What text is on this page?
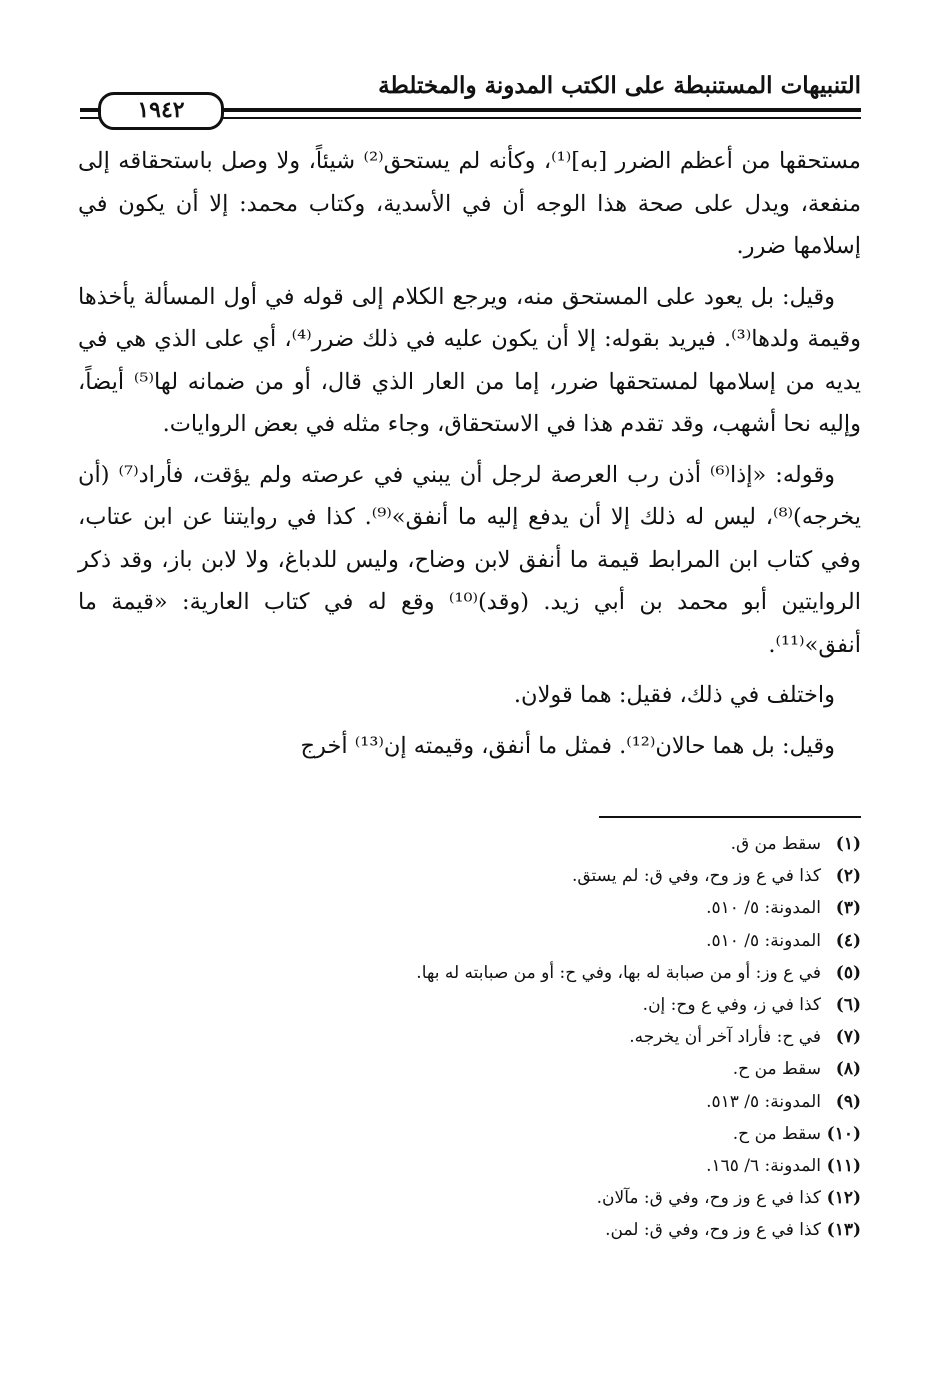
التنبيهات المستنبطة على الكتب المدونة والمختلطة
١٩٤٢

مستحقها من أعظم الضرر [به]⁽¹⁾، وكأنه لم يستحق⁽²⁾ شيئاً، ولا وصل باستحقاقه إلى منفعة، ويدل على صحة هذا الوجه أن في الأسدية، وكتاب محمد: إلا أن يكون في إسلامها ضرر.

وقيل: بل يعود على المستحق منه، ويرجع الكلام إلى قوله في أول المسألة يأخذها وقيمة ولدها⁽³⁾. فيريد بقوله: إلا أن يكون عليه في ذلك ضرر⁽⁴⁾، أي على الذي هي في يديه من إسلامها لمستحقها ضرر، إما من العار الذي قال، أو من ضمانه لها⁽⁵⁾ أيضاً، وإليه نحا أشهب، وقد تقدم هذا في الاستحقاق، وجاء مثله في بعض الروايات.

وقوله: «إذا⁽⁶⁾ أذن رب العرصة لرجل أن يبني في عرصته ولم يؤقت، فأراد⁽⁷⁾ (أن يخرجه)⁽⁸⁾، ليس له ذلك إلا أن يدفع إليه ما أنفق»⁽⁹⁾. كذا في روايتنا عن ابن عتاب، وفي كتاب ابن المرابط قيمة ما أنفق لابن وضاح، وليس للدباغ، ولا لابن باز، وقد ذكر الروايتين أبو محمد بن أبي زيد. (وقد)⁽¹⁰⁾ وقع له في كتاب العارية: «قيمة ما أنفق»⁽¹¹⁾.

واختلف في ذلك، فقيل: هما قولان.

وقيل: بل هما حالان⁽¹²⁾. فمثل ما أنفق، وقيمته إن⁽¹³⁾ أخرج

(١)سقط من ق.
(٢)كذا في ع وز وح، وفي ق: لم يستق.
(٣)المدونة: ٥/ ٥١٠.
(٤)المدونة: ٥/ ٥١٠.
(٥)في ع وز: أو من صبابة له بها، وفي ح: أو من صبابته له بها.
(٦)كذا في ز، وفي ع وح: إن.
(٧)في ح: فأراد آخر أن يخرجه.
(٨)سقط من ح.
(٩)المدونة: ٥/ ٥١٣.
(١٠)سقط من ح.
(١١)المدونة: ٦/ ١٦٥.
(١٢)كذا في ع وز وح، وفي ق: مآلان.
(١٣)كذا في ع وز وح، وفي ق: لمن.
